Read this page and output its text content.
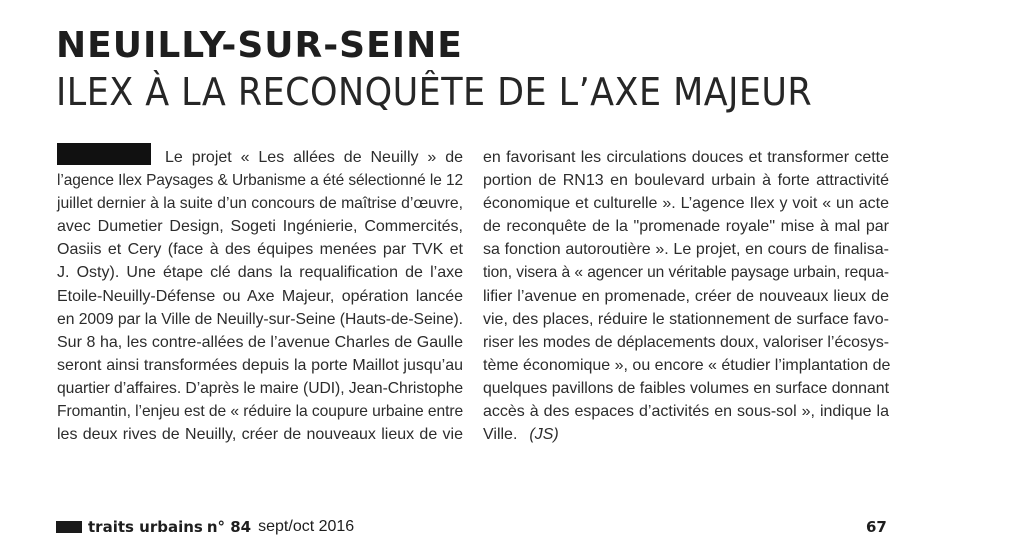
NEUILLY-SUR-SEINE
ILEX À LA RECONQUÊTE DE L’AXE MAJEUR
Le projet « Les allées de Neuilly » de
l’agence Ilex Paysages & Urbanisme a été sélectionné le 12
juillet dernier à la suite d’un concours de maîtrise d’œuvre,
avec Dumetier Design, Sogeti Ingénierie, Commercités,
Oasiis et Cery (face à des équipes menées par TVK et
J. Osty). Une étape clé dans la requalification de l’axe
Etoile-Neuilly-Défense ou Axe Majeur, opération lancée
en 2009 par la Ville de Neuilly-sur-Seine (Hauts-de-Seine).
Sur 8 ha, les contre-allées de l’avenue Charles de Gaulle
seront ainsi transformées depuis la porte Maillot jusqu’au
quartier d’affaires. D’après le maire (UDI), Jean-Christophe
Fromantin, l’enjeu est de « réduire la coupure urbaine entre
les deux rives de Neuilly, créer de nouveaux lieux de vie
en favorisant les circulations douces et transformer cette
portion de RN13 en boulevard urbain à forte attractivité
économique et culturelle ». L’agence Ilex y voit « un acte
de reconquête de la "promenade royale" mise à mal par
sa fonction autoroutière ». Le projet, en cours de finalisa-
tion, visera à « agencer un véritable paysage urbain, requa-
lifier l’avenue en promenade, créer de nouveaux lieux de
vie, des places, réduire le stationnement de surface favo-
riser les modes de déplacements doux, valoriser l’écosys-
tème économique », ou encore « étudier l’implantation de
quelques pavillons de faibles volumes en surface donnant
accès à des espaces d’activités en sous-sol », indique la
Ville. (JS)
traits urbains n° 84 sept/oct 2016	67
